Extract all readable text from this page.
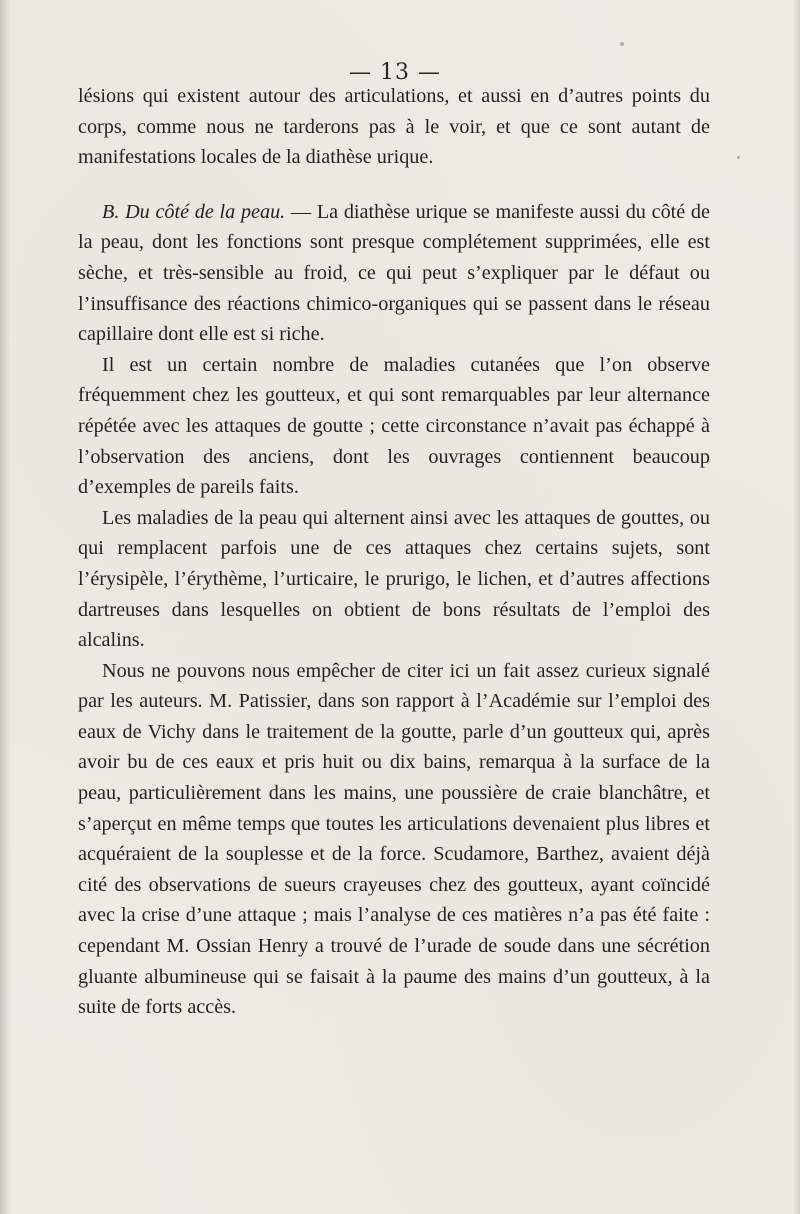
— 13 —

lésions qui existent autour des articulations, et aussi en d’autres points du corps, comme nous ne tarderons pas à le voir, et que ce sont autant de manifestations locales de la diathèse urique.

B. Du côté de la peau. — La diathèse urique se manifeste aussi du côté de la peau, dont les fonctions sont presque complétement supprimées, elle est sèche, et très-sensible au froid, ce qui peut s’expliquer par le défaut ou l’insuffisance des réactions chimico-organiques qui se passent dans le réseau capillaire dont elle est si riche.

Il est un certain nombre de maladies cutanées que l’on observe fréquemment chez les goutteux, et qui sont remarquables par leur alternance répétée avec les attaques de goutte ; cette circonstance n’avait pas échappé à l’observation des anciens, dont les ouvrages contiennent beaucoup d’exemples de pareils faits.

Les maladies de la peau qui alternent ainsi avec les attaques de gouttes, ou qui remplacent parfois une de ces attaques chez certains sujets, sont l’érysipèle, l’érythème, l’urticaire, le prurigo, le lichen, et d’autres affections dartreuses dans lesquelles on obtient de bons résultats de l’emploi des alcalins.

Nous ne pouvons nous empêcher de citer ici un fait assez curieux signalé par les auteurs. M. Patissier, dans son rapport à l’Académie sur l’emploi des eaux de Vichy dans le traitement de la goutte, parle d’un goutteux qui, après avoir bu de ces eaux et pris huit ou dix bains, remarqua à la surface de la peau, particulièrement dans les mains, une poussière de craie blanchâtre, et s’aperçut en même temps que toutes les articulations devenaient plus libres et acquéraient de la souplesse et de la force. Scudamore, Barthez, avaient déjà cité des observations de sueurs crayeuses chez des goutteux, ayant coïncidé avec la crise d’une attaque ; mais l’analyse de ces matières n’a pas été faite : cependant M. Ossian Henry a trouvé de l’urade de soude dans une sécrétion gluante albumineuse qui se faisait à la paume des mains d’un goutteux, à la suite de forts accès.
